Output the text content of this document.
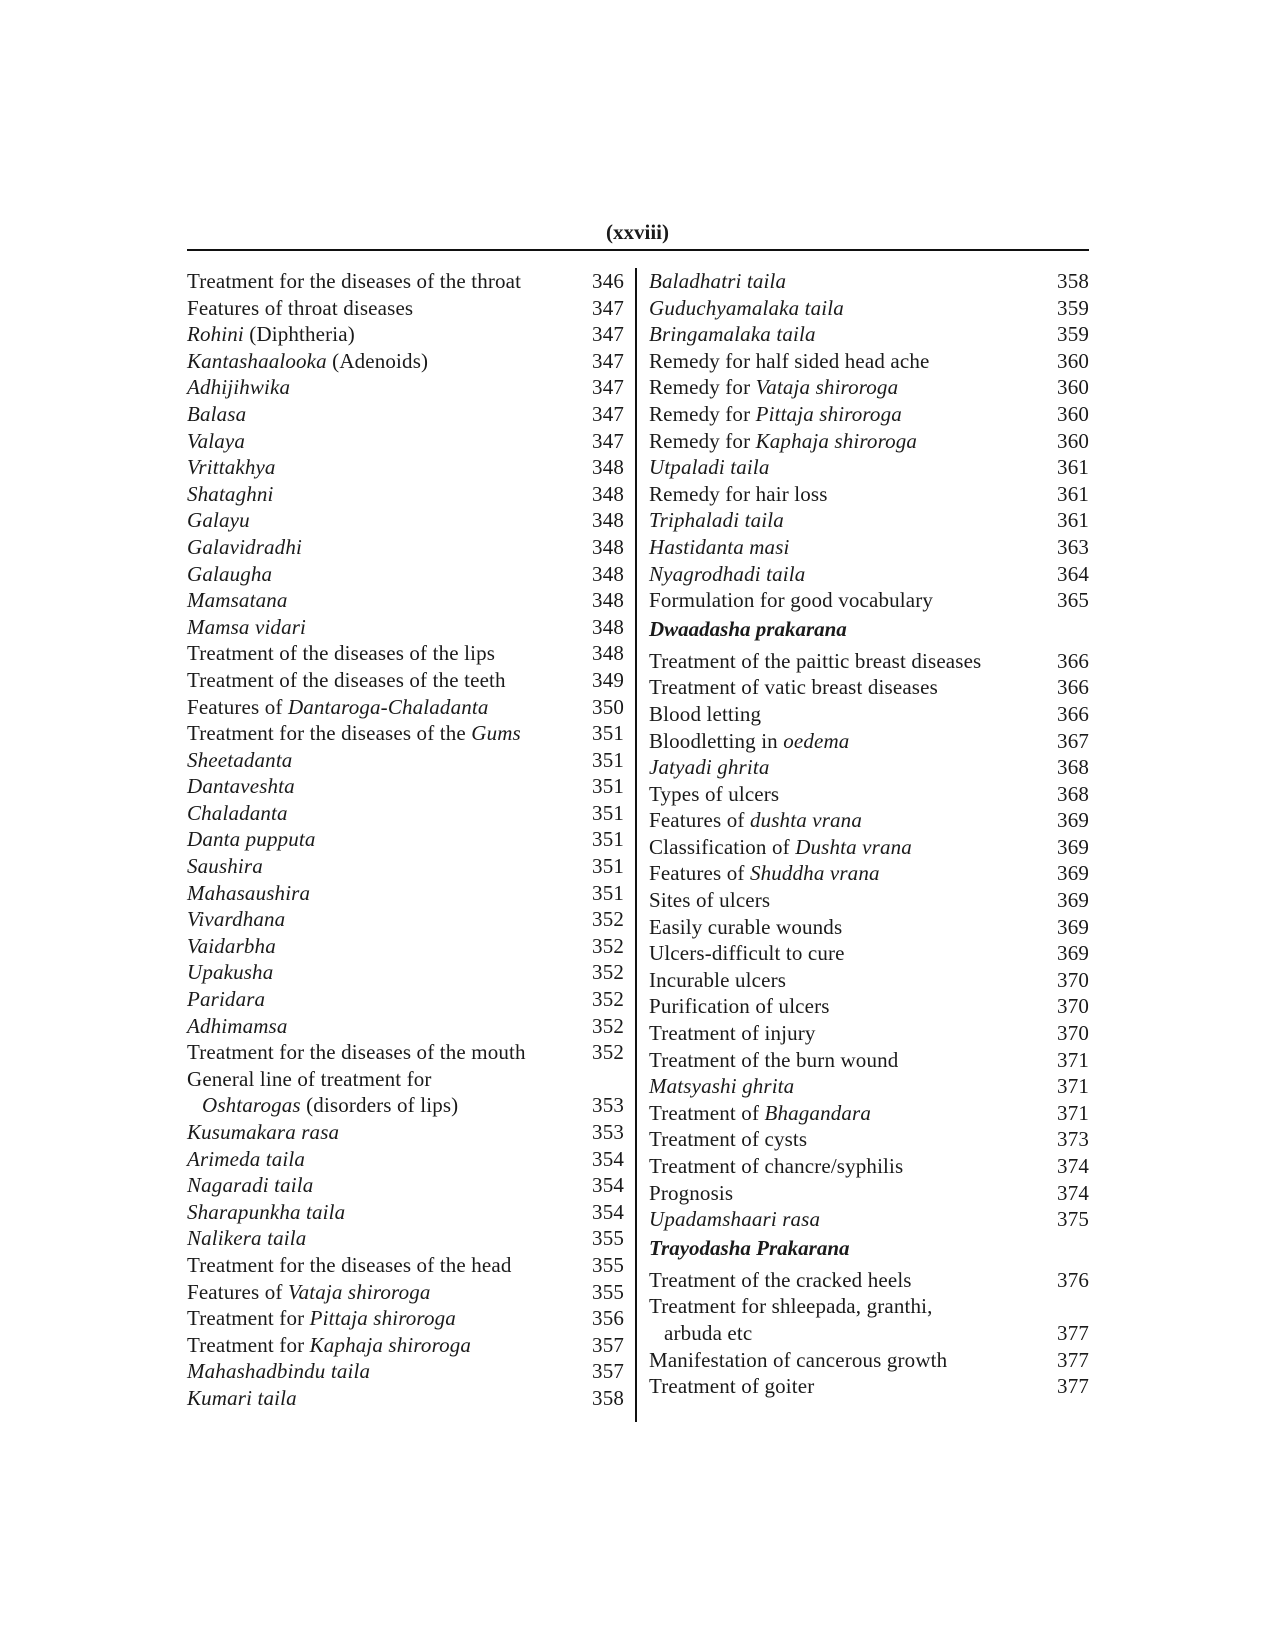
(xxviii)
Treatment for the diseases of the throat	346
Features of throat diseases	347
Rohini (Diphtheria)	347
Kantashaalooka (Adenoids)	347
Adhijihwika	347
Balasa	347
Valaya	347
Vrittakhya	348
Shataghni	348
Galayu	348
Galavidradhi	348
Galaugha	348
Mamsatana	348
Mamsa vidari	348
Treatment of the diseases of the lips	348
Treatment of the diseases of the teeth	349
Features of Dantaroga-Chaladanta	350
Treatment for the diseases of the Gums	351
Sheetadanta	351
Dantaveshta	351
Chaladanta	351
Danta pupputa	351
Saushira	351
Mahasaushira	351
Vivardhana	352
Vaidarbha	352
Upakusha	352
Paridara	352
Adhimamsa	352
Treatment for the diseases of the mouth	352
General line of treatment for
Oshtarogas (disorders of lips)	353
Kusumakara rasa	353
Arimeda taila	354
Nagaradi taila	354
Sharapunkha taila	354
Nalikera taila	355
Treatment for the diseases of the head	355
Features of Vataja shiroroga	355
Treatment for Pittaja shiroroga	356
Treatment for Kaphaja shiroroga	357
Mahashadbindu taila	357
Kumari taila	358
Baladhatri taila	358
Guduchyamalaka taila	359
Bringamalaka taila	359
Remedy for half sided head ache	360
Remedy for Vataja shiroroga	360
Remedy for Pittaja shiroroga	360
Remedy for Kaphaja shiroroga	360
Utpaladi taila	361
Remedy for hair loss	361
Triphaladi taila	361
Hastidanta masi	363
Nyagrodhadi taila	364
Formulation for good vocabulary	365
Dwaadasha prakarana
Treatment of the paittic breast diseases	366
Treatment of vatic breast diseases	366
Blood letting	366
Bloodletting in oedema	367
Jatyadi ghrita	368
Types of ulcers	368
Features of dushta vrana	369
Classification of Dushta vrana	369
Features of Shuddha vrana	369
Sites of ulcers	369
Easily curable wounds	369
Ulcers-difficult to cure	369
Incurable ulcers	370
Purification of ulcers	370
Treatment of injury	370
Treatment of the burn wound	371
Matsyashi ghrita	371
Treatment of Bhagandara	371
Treatment of cysts	373
Treatment of chancre/syphilis	374
Prognosis	374
Upadamshaari rasa	375
Trayodasha Prakarana
Treatment of the cracked heels	376
Treatment for shleepada, granthi,
arbuda etc	377
Manifestation of cancerous growth	377
Treatment of goiter	377
